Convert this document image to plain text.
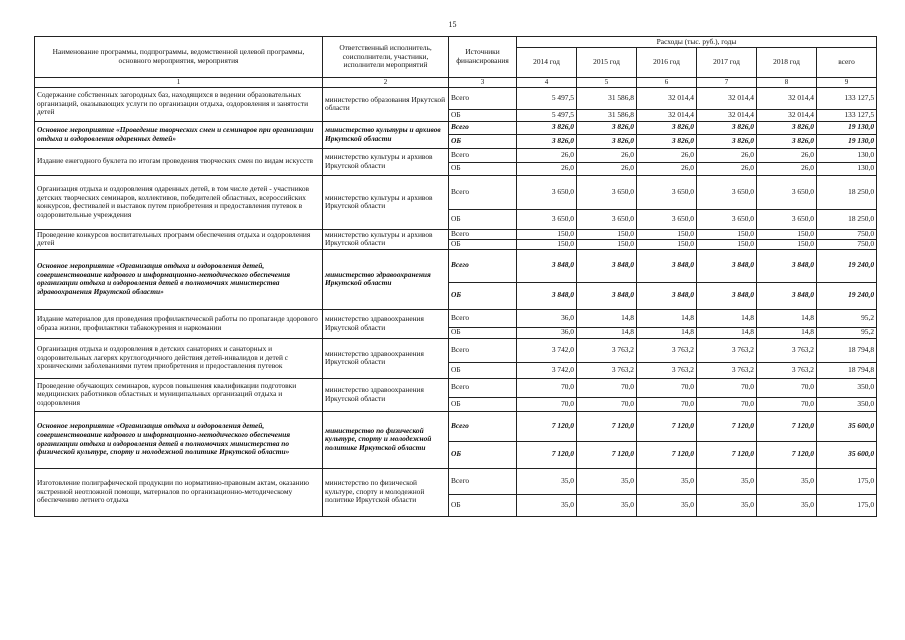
15
Наименование программы, подпрограммы, ведомственной целевой программы, основного мероприятия, мероприятия	Ответственный исполнитель, соисполнители, участники, исполнители мероприятий	Источники финансирования	Расходы (тыс. руб.), годы					
			2014 год	2015 год	2016 год	2017 год	2018 год	всего
1	2	3	4	5	6	7	8	9
Содержание собственных загородных баз, находящихся в ведении образовательных организаций, оказывающих услуги по организации отдыха, оздоровления и занятости детей	министерство образования Иркутской области	Всего	5 497,5	31 586,8	32 014,4	32 014,4	32 014,4	133 127,5
		ОБ	5 497,5	31 586,8	32 014,4	32 014,4	32 014,4	133 127,5
Основное мероприятие «Проведение творческих смен и семинаров при организации отдыха и оздоровления одаренных детей»	министерство культуры и архивов Иркутской области	Всего	3 826,0	3 826,0	3 826,0	3 826,0	3 826,0	19 130,0
		ОБ	3 826,0	3 826,0	3 826,0	3 826,0	3 826,0	19 130,0
Издание ежегодного буклета по итогам проведения творческих смен по видам искусств	министерство культуры и архивов Иркутской области	Всего	26,0	26,0	26,0	26,0	26,0	130,0
		ОБ	26,0	26,0	26,0	26,0	26,0	130,0
Организация отдыха и оздоровления одаренных детей, в том числе детей - участников детских творческих семинаров, коллективов, победителей областных, всероссийских конкурсов, фестивалей и выставок путем приобретения и предоставления путевок в оздоровительные учреждения	министерство культуры и архивов Иркутской области	Всего	3 650,0	3 650,0	3 650,0	3 650,0	3 650,0	18 250,0
		ОБ	3 650,0	3 650,0	3 650,0	3 650,0	3 650,0	18 250,0
Проведение конкурсов воспитательных программ обеспечения отдыха и оздоровления детей	министерство культуры и архивов Иркутской области	Всего	150,0	150,0	150,0	150,0	150,0	750,0
		ОБ	150,0	150,0	150,0	150,0	150,0	750,0
Основное мероприятие «Организация отдыха и оздоровления детей, совершенствование кадрового и информационно-методического обеспечения организации отдыха и оздоровления детей в полномочиях министерства здравоохранения Иркутской области»	министерство здравоохранения Иркутской области	Всего	3 848,0	3 848,0	3 848,0	3 848,0	3 848,0	19 240,0
		ОБ	3 848,0	3 848,0	3 848,0	3 848,0	3 848,0	19 240,0
Издание материалов для проведения профилактической работы по пропаганде здорового образа жизни, профилактики табакокурения и наркомании	министерство здравоохранения Иркутской области	Всего	36,0	14,8	14,8	14,8	14,8	95,2
		ОБ	36,0	14,8	14,8	14,8	14,8	95,2
Организация отдыха и оздоровления в детских санаториях и санаторных и оздоровительных лагерях круглогодичного действия детей-инвалидов и детей с хроническими заболеваниями путем приобретения и предоставления путевок	министерство здравоохранения Иркутской области	Всего	3 742,0	3 763,2	3 763,2	3 763,2	3 763,2	18 794,8
		ОБ	3 742,0	3 763,2	3 763,2	3 763,2	3 763,2	18 794,8
Проведение обучающих семинаров, курсов повышения квалификации подготовки медицинских работников областных и муниципальных организаций отдыха и оздоровления	министерство здравоохранения Иркутской области	Всего	70,0	70,0	70,0	70,0	70,0	350,0
		ОБ	70,0	70,0	70,0	70,0	70,0	350,0
Основное мероприятие «Организация отдыха и оздоровления детей, совершенствование кадрового и информационно-методического обеспечения организации отдыха и оздоровления детей в полномочиях министерства по физической культуре, спорту и молодежной политике Иркутской области»	министерство по физической культуре, спорту и молодежной политике Иркутской области	Всего	7 120,0	7 120,0	7 120,0	7 120,0	7 120,0	35 600,0
		ОБ	7 120,0	7 120,0	7 120,0	7 120,0	7 120,0	35 600,0
Изготовление полиграфической продукции по нормативно-правовым актам, оказанию экстренной неотложной помощи, материалов по организационно-методическому обеспечению летнего отдыха	министерство по физической культуре, спорту и молодежной политике Иркутской области	Всего	35,0	35,0	35,0	35,0	35,0	175,0
		ОБ	35,0	35,0	35,0	35,0	35,0	175,0
